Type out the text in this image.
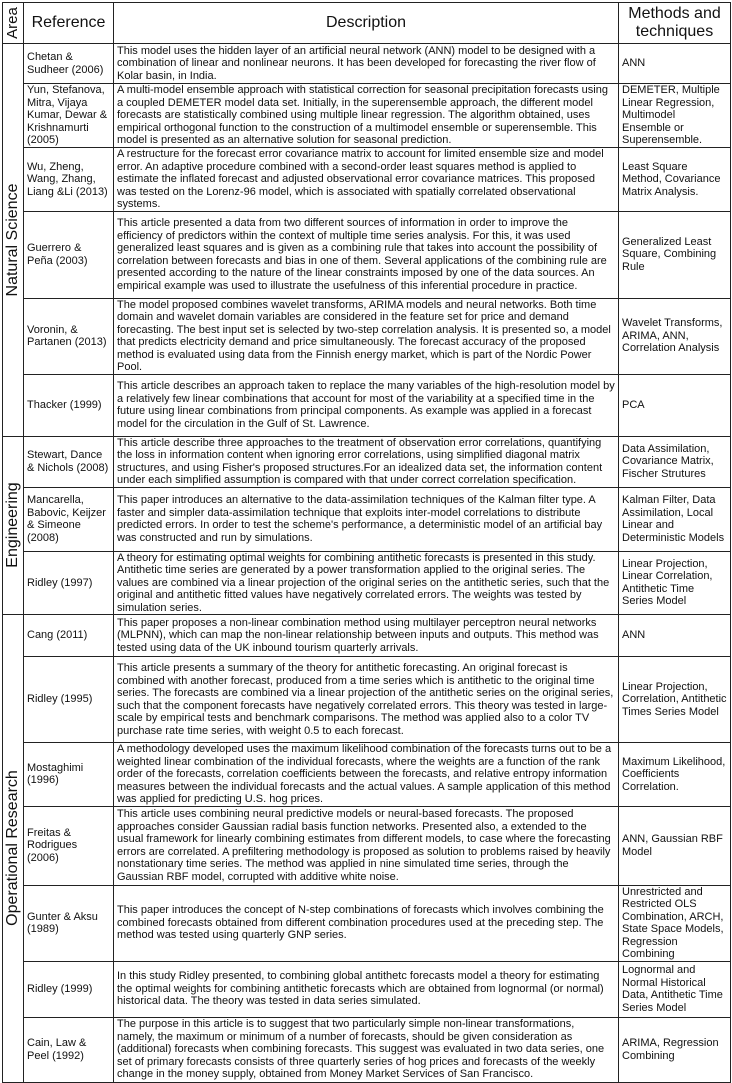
Area	Reference	Description	Methods and techniques

Natural Science	Chetan & Sudheer (2006)	This model uses the hidden layer of an artificial neural network (ANN) model to be designed with a combination of linear and nonlinear neurons. It has been developed for forecasting the river flow of Kolar basin, in India.	ANN
	Yun, Stefanova, Mitra, Vijaya Kumar, Dewar & Krishnamurti (2005)	A multi-model ensemble approach with statistical correction for seasonal precipitation forecasts using a coupled DEMETER model data set. Initially, in the superensemble approach, the different model forecasts are statistically combined using multiple linear regression. The algorithm obtained, uses empirical orthogonal function to the construction of a multimodel ensemble or superensemble. This model is presented as an alternative solution for seasonal prediction.	DEMETER, Multiple Linear Regression, Multimodel Ensemble or Superensemble.
	Wu, Zheng, Wang, Zhang, Liang &Li (2013)	A restructure for the forecast error covariance matrix to account for limited ensemble size and model error. An adaptive procedure combined with a second-order least squares method is applied to estimate the inflated forecast and adjusted observational error covariance matrices. This proposed was tested on the Lorenz-96 model, which is associated with spatially correlated observational systems.	Least Square Method, Covariance Matrix Analysis.
	Guerrero & Peña (2003)	This article presented a data from two different sources of information in order to improve the efficiency of predictors within the context of multiple time series analysis. For this, it was used generalized least squares and is given as a combining rule that takes into account the possibility of correlation between forecasts and bias in one of them. Several applications of the combining rule are presented according to the nature of the linear constraints imposed by one of the data sources. An empirical example was used to illustrate the usefulness of this inferential procedure in practice.	Generalized Least Square, Combining Rule
	Voronin, & Partanen (2013)	The model proposed combines wavelet transforms, ARIMA models and neural networks. Both time domain and wavelet domain variables are considered in the feature set for price and demand forecasting. The best input set is selected by two-step correlation analysis. It is presented so, a model that predicts electricity demand and price simultaneously. The forecast accuracy of the proposed method is evaluated using data from the Finnish energy market, which is part of the Nordic Power Pool.	Wavelet Transforms, ARIMA, ANN, Correlation Analysis
	Thacker (1999)	This article describes an approach taken to replace the many variables of the high-resolution model by a relatively few linear combinations that account for most of the variability at a specified time in the future using linear combinations from principal components. As example was applied in a forecast model for the circulation in the Gulf of St. Lawrence.	PCA

Engineering	Stewart, Dance & Nichols (2008)	This article describe three approaches to the treatment of observation error correlations, quantifying the loss in information content when ignoring error correlations, using simplified diagonal matrix structures, and using Fisher's proposed structures.For an idealized data set, the information content under each simplified assumption is compared with that under correct correlation specification.	Data Assimilation, Covariance Matrix, Fischer Strutures
	Mancarella, Babovic, Keijzer & Simeone (2008)	This paper introduces an alternative to the data-assimilation techniques of the Kalman filter type. A faster and simpler data-assimilation technique that exploits inter-model correlations to distribute predicted errors. In order to test the scheme's performance, a deterministic model of an artificial bay was constructed and run by simulations.	Kalman Filter, Data Assimilation, Local Linear and Deterministic Models
	Ridley (1997)	A theory for estimating optimal weights for combining antithetic forecasts is presented in this study. Antithetic time series are generated by a power transformation applied to the original series. The values are combined via a linear projection of the original series on the antithetic series, such that the original and antithetic fitted values have negatively correlated errors. The weights was tested by simulation series.	Linear Projection, Linear Correlation, Antithetic Time Series Model

Operational Research	Cang (2011)	This paper proposes a non-linear combination method using multilayer perceptron neural networks (MLPNN), which can map the non-linear relationship between inputs and outputs. This method was tested using data of the UK inbound tourism quarterly arrivals.	ANN
	Ridley (1995)	This article presents a summary of the theory for antithetic forecasting. An original forecast is combined with another forecast, produced from a time series which is antithetic to the original time series. The forecasts are combined via a linear projection of the antithetic series on the original series, such that the component forecasts have negatively correlated errors. This theory was tested in large-scale by empirical tests and benchmark comparisons. The method was applied also to a color TV purchase rate time series, with weight 0.5 to each forecast.	Linear Projection, Correlation, Antithetic Times Series Model
	Mostaghimi (1996)	A methodology developed uses the maximum likelihood combination of the forecasts turns out to be a weighted linear combination of the individual forecasts, where the weights are a function of the rank order of the forecasts, correlation coefficients between the forecasts, and relative entropy information measures between the individual forecasts and the actual values. A sample application of this method was applied for predicting U.S. hog prices.	Maximum Likelihood, Coefficients Correlation.
	Freitas & Rodrigues (2006)	This article uses combining neural predictive models or neural-based forecasts. The proposed approaches consider Gaussian radial basis function networks. Presented also, a extended to the usual framework for linearly combining estimates from different models, to case where the forecasting errors are correlated. A prefiltering methodology is proposed as solution to problems raised by heavily nonstationary time series. The method was applied in nine simulated time series, through the Gaussian RBF model, corrupted with additive white noise.	ANN, Gaussian RBF Model
	Gunter & Aksu (1989)	This paper introduces the concept of N-step combinations of forecasts which involves combining the combined forecasts obtained from different combination procedures used at the preceding step. The method was tested using quarterly GNP series.	Unrestricted and Restricted OLS Combination, ARCH, State Space Models, Regression Combining
	Ridley (1999)	In this study Ridley presented, to combining global antithetc forecasts model a theory for estimating the optimal weights for combining antithetic forecasts which are obtained from lognormal (or normal) historical data. The theory was tested in data series simulated.	Lognormal and Normal Historical Data, Antithetic Time Series Model
	Cain, Law & Peel (1992)	The purpose in this article is to suggest that two particularly simple non-linear transformations, namely, the maximum or minimum of a number of forecasts, should be given consideration as (additional) forecasts when combining forecasts. This suggest was evaluated in two data series, one set of primary forecasts consists of three quarterly series of hog prices and forecasts of the weekly change in the money supply, obtained from Money Market Services of San Francisco.	ARIMA, Regression Combining
